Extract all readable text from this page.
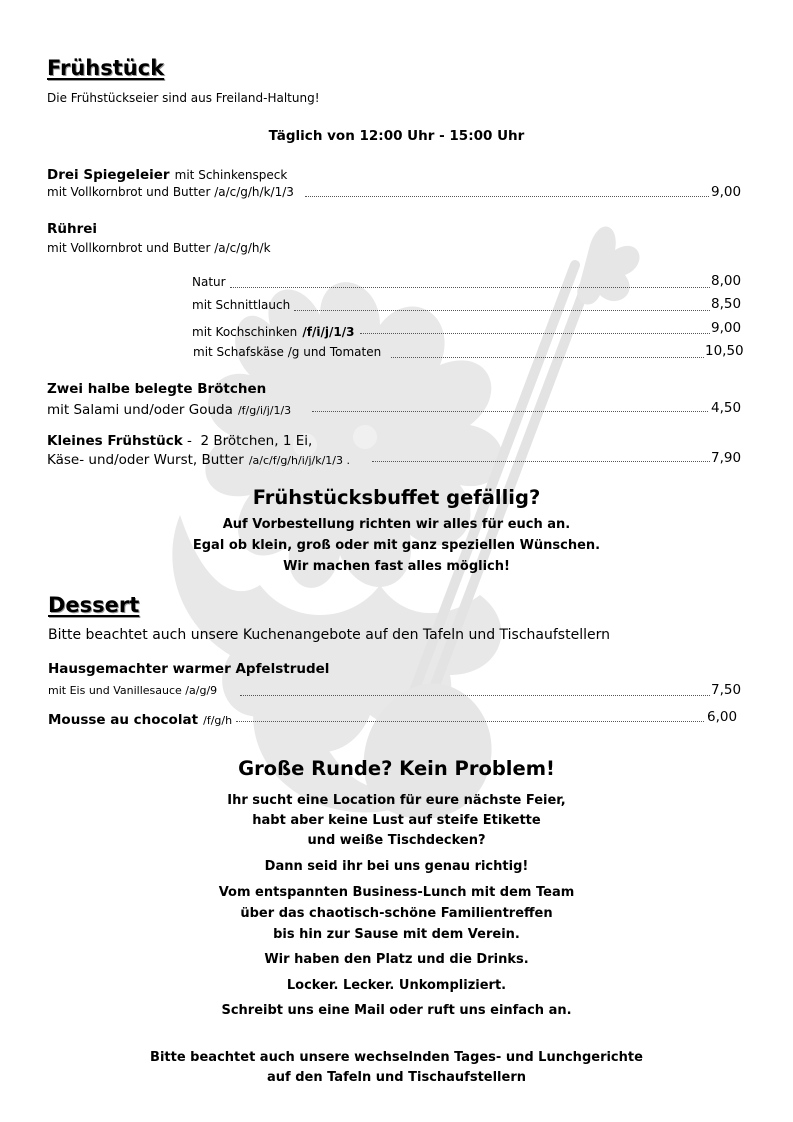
Frühstück
Die Frühstückseier sind aus Freiland-Haltung!
Täglich von 12:00 Uhr - 15:00 Uhr
Drei Spiegeleier mit Schinkenspeck
mit Vollkornbrot und Butter /a/c/g/h/k/1/3	9,00
Rührei
mit Vollkornbrot und Butter /a/c/g/h/k
Natur	8,00
mit Schnittlauch	8,50
mit Kochschinken /f/i/j/1/3	9,00
mit Schafskäse /g und Tomaten	10,50
Zwei halbe belegte Brötchen
mit Salami und/oder Gouda /f/g/i/j/1/3	4,50
Kleines Frühstück -  2 Brötchen, 1 Ei,
Käse- und/oder Wurst, Butter /a/c/f/g/h/i/j/k/1/3 .	7,90
Frühstücksbuffet gefällig?
Auf Vorbestellung richten wir alles für euch an.
Egal ob klein, groß oder mit ganz speziellen Wünschen.
Wir machen fast alles möglich!
Dessert
Bitte beachtet auch unsere Kuchenangebote auf den Tafeln und Tischaufstellern
Hausgemachter warmer Apfelstrudel
mit Eis und Vanillesauce /a/g/9	7,50
Mousse au chocolat /f/g/h	6,00
Große Runde? Kein Problem!
Ihr sucht eine Location für eure nächste Feier,
habt aber keine Lust auf steife Etikette
und weiße Tischdecken?
Dann seid ihr bei uns genau richtig!
Vom entspannten Business-Lunch mit dem Team
über das chaotisch-schöne Familientreffen
bis hin zur Sause mit dem Verein.
Wir haben den Platz und die Drinks.
Locker. Lecker. Unkompliziert.
Schreibt uns eine Mail oder ruft uns einfach an.
Bitte beachtet auch unsere wechselnden Tages- und Lunchgerichte
auf den Tafeln und Tischaufstellern
